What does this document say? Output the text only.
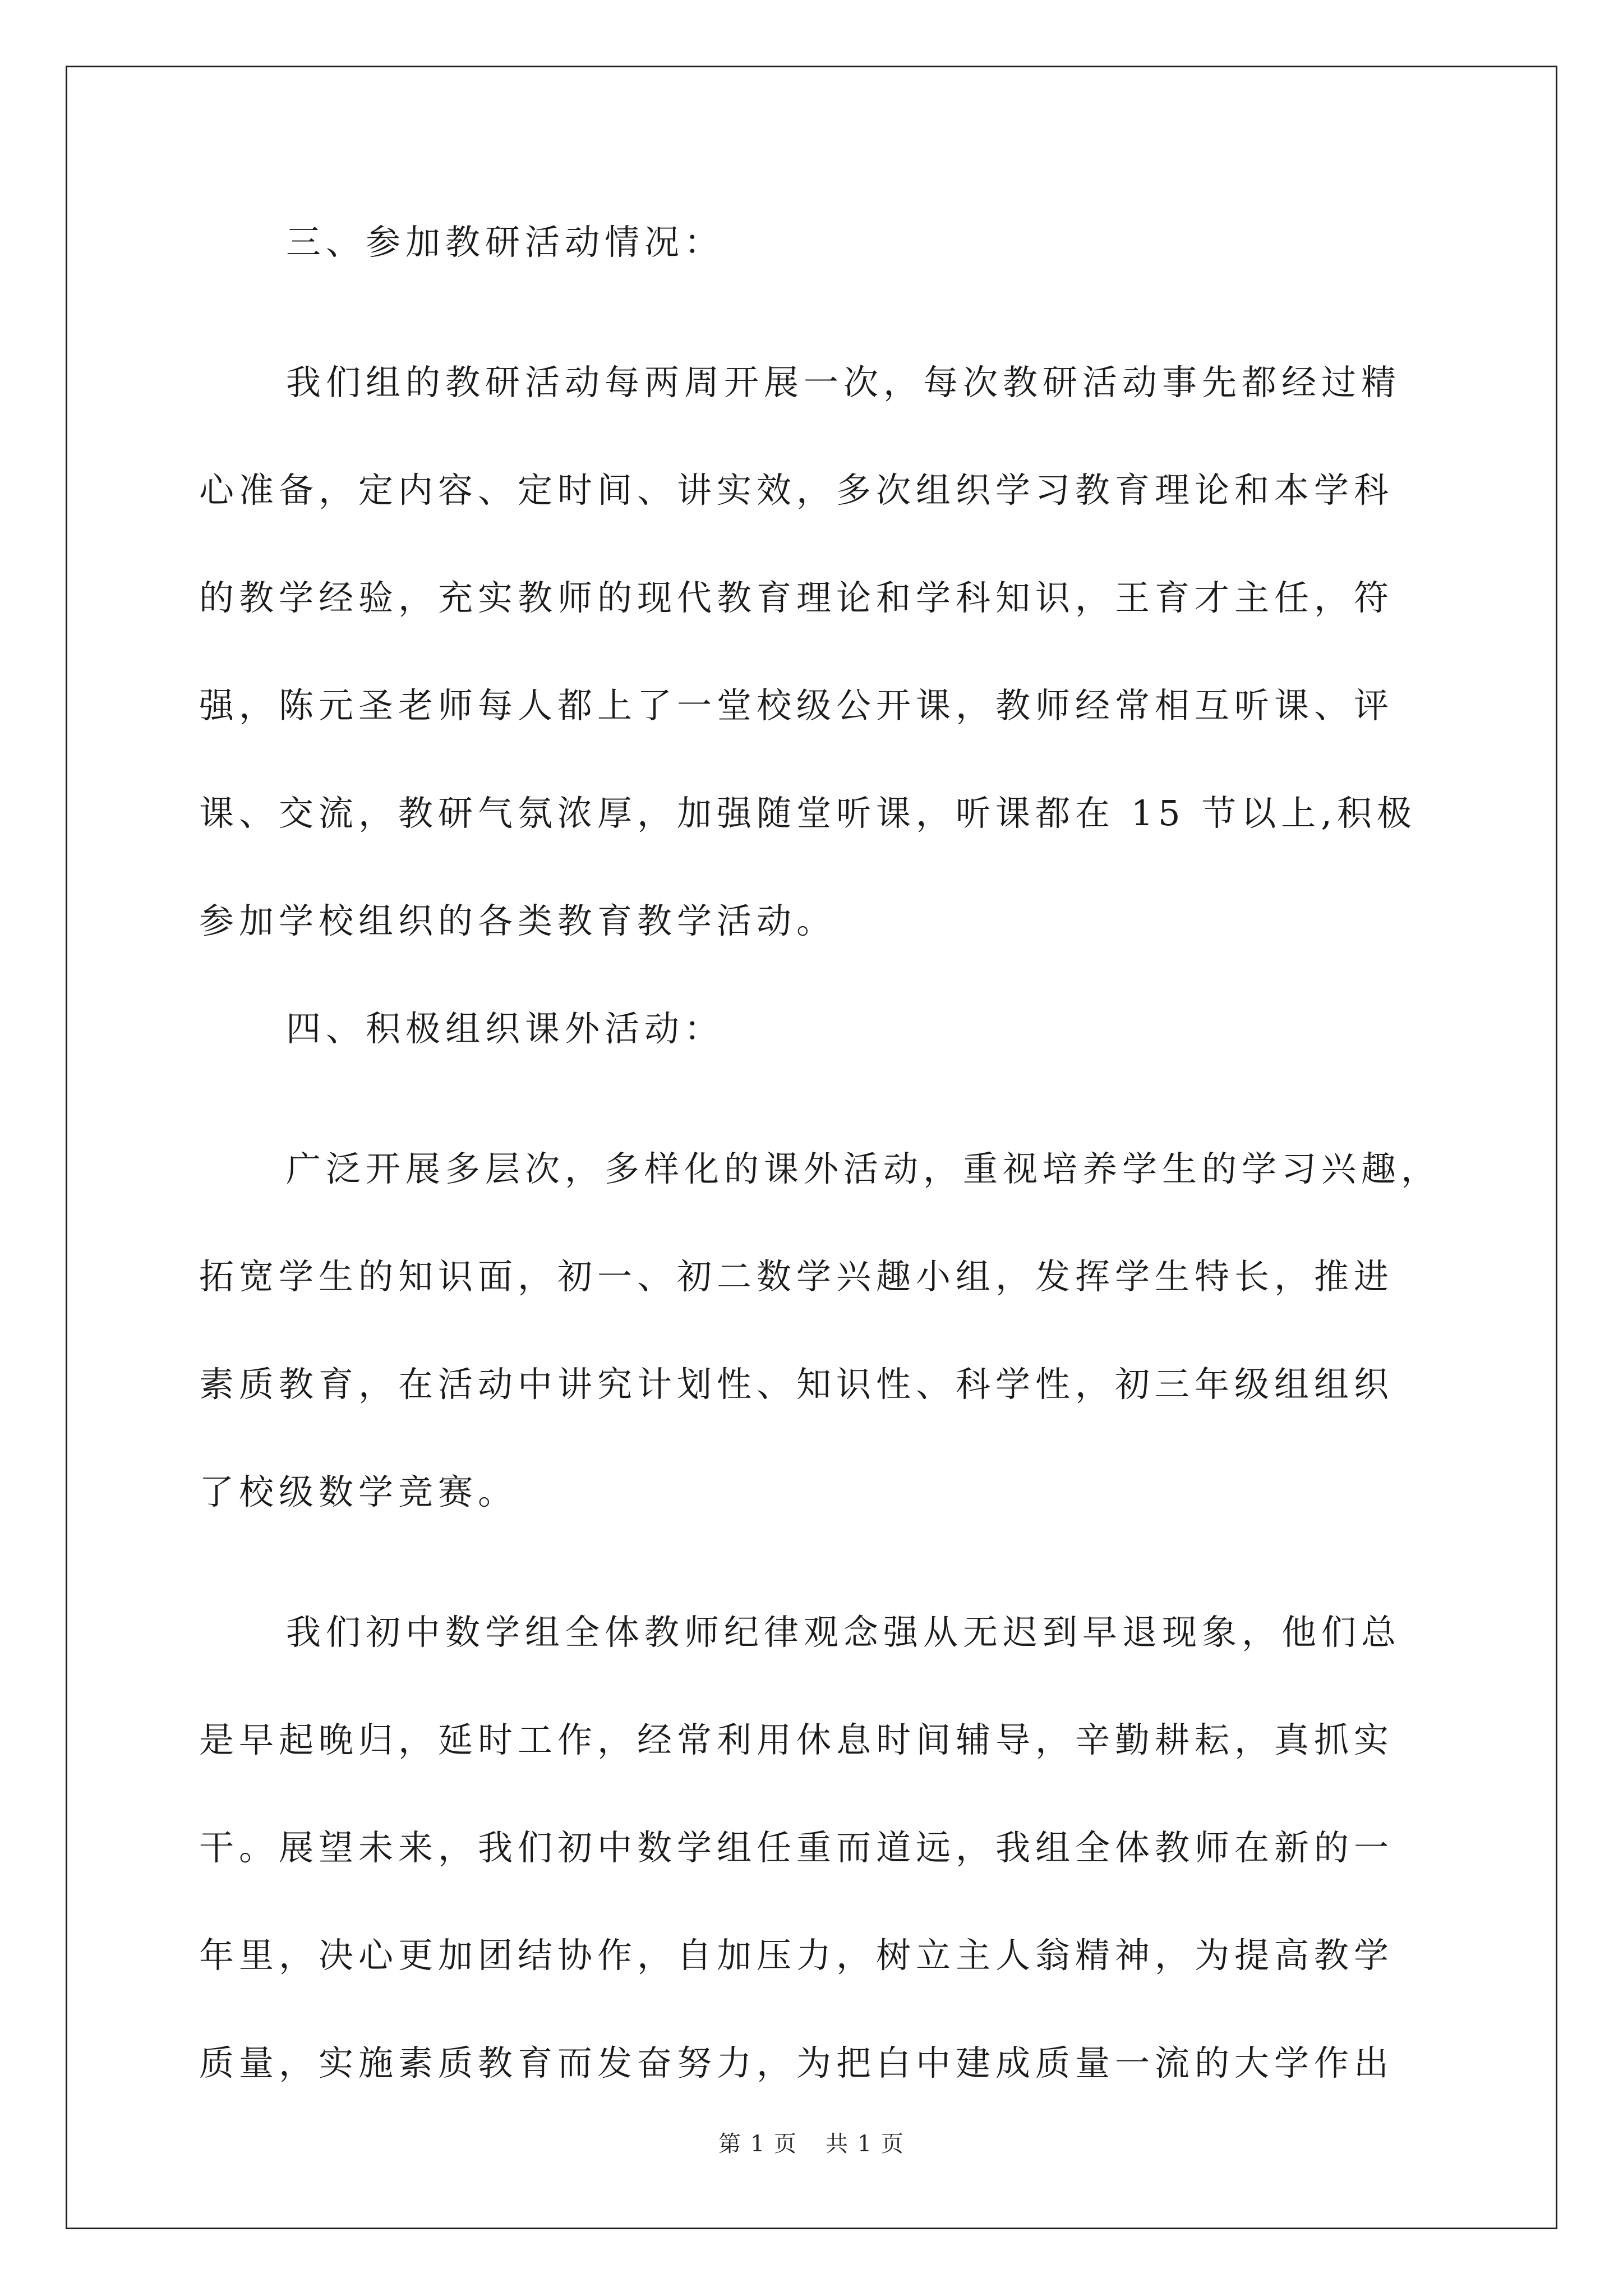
三、参加教研活动情况：
我们组的教研活动每两周开展一次，每次教研活动事先都经过精
心准备，定内容、定时间、讲实效，多次组织学习教育理论和本学科
的教学经验，充实教师的现代教育理论和学科知识，王育才主任，符
强，陈元圣老师每人都上了一堂校级公开课，教师经常相互听课、评
课、交流，教研气氛浓厚，加强随堂听课，听课都在 15 节以上,积极
参加学校组织的各类教育教学活动。
四、积极组织课外活动：
广泛开展多层次，多样化的课外活动，重视培养学生的学习兴趣，
拓宽学生的知识面，初一、初二数学兴趣小组，发挥学生特长，推进
素质教育，在活动中讲究计划性、知识性、科学性，初三年级组组织
了校级数学竞赛。
我们初中数学组全体教师纪律观念强从无迟到早退现象，他们总
是早起晚归，延时工作，经常利用休息时间辅导，辛勤耕耘，真抓实
干。展望未来，我们初中数学组任重而道远，我组全体教师在新的一
年里，决心更加团结协作，自加压力，树立主人翁精神，为提高教学
质量，实施素质教育而发奋努力，为把白中建成质量一流的大学作出
第 1 页 共 1 页
